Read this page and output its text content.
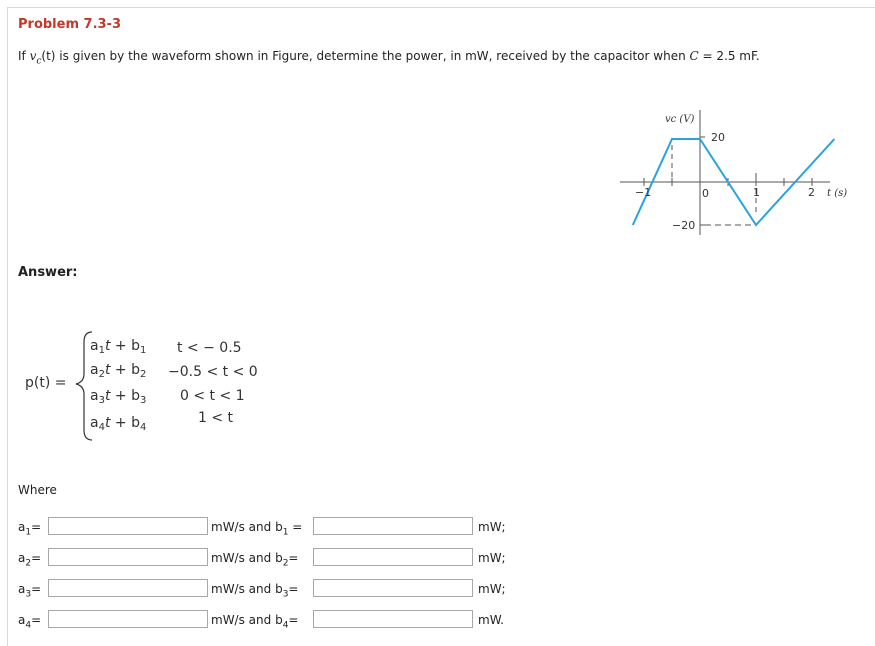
Problem 7.3-3
If $v_c(t)$ is given by the waveform shown in Figure, determine the power, in mW, received by the capacitor when C = 2.5 mF.
vc (V)
20
−20
−1	0	1	2 t (s)
Answer:
p(t) =
$a_1t + b_1$ t < − 0.5
$a_2t + b_2 -0.5 < t < 0$
$a_3t + b_3$ 0 < t < 1
$a_4t + b_4$
1 < t
Where
$a_1=$	mW/s and $b_1$ =	mW;
$a_2=$	mW/s and $b_2=$	mW;
$a_3=$	mW/s and $b_3=$	mW;
$a_4=$	mW/s and $b_4=$	mW.
